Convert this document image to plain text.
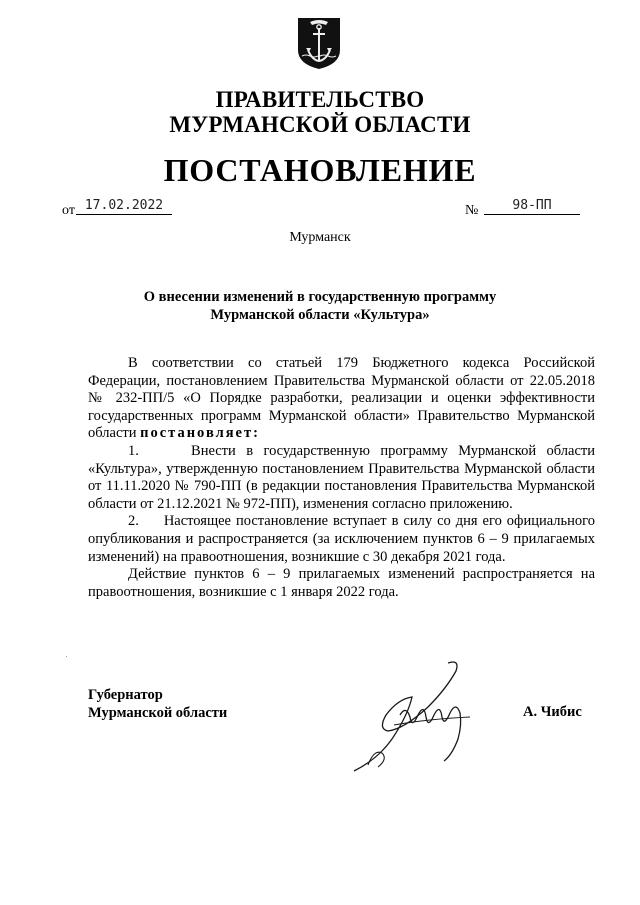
ПРАВИТЕЛЬСТВО
МУРМАНСКОЙ ОБЛАСТИ
ПОСТАНОВЛЕНИЕ
от 17.02.2022	№	98-ПП
Мурманск
О внесении изменений в государственную программу
Мурманской области «Культура»

В соответствии со статьей 179 Бюджетного кодекса Российской Федерации, постановлением Правительства Мурманской области от 22.05.2018 № 232-ПП/5 «О Порядке разработки, реализации и оценки эффективности государственных программ Мурманской области» Правительство Мурманской области постановляет:

1.     Внести в государственную программу Мурманской области «Культура», утвержденную постановлением Правительства Мурманской области от 11.11.2020 № 790-ПП (в редакции постановления Правительства Мурманской области от 21.12.2021 № 972-ПП), изменения согласно приложению.

2.     Настоящее постановление вступает в силу со дня его официального опубликования и распространяется (за исключением пунктов 6 – 9 прилагаемых изменений) на правоотношения, возникшие с 30 декабря 2021 года.

Действие пунктов 6 – 9 прилагаемых изменений распространяется на правоотношения, возникшие с 1 января 2022 года.

Губернатор
Мурманской области	А. Чибис
